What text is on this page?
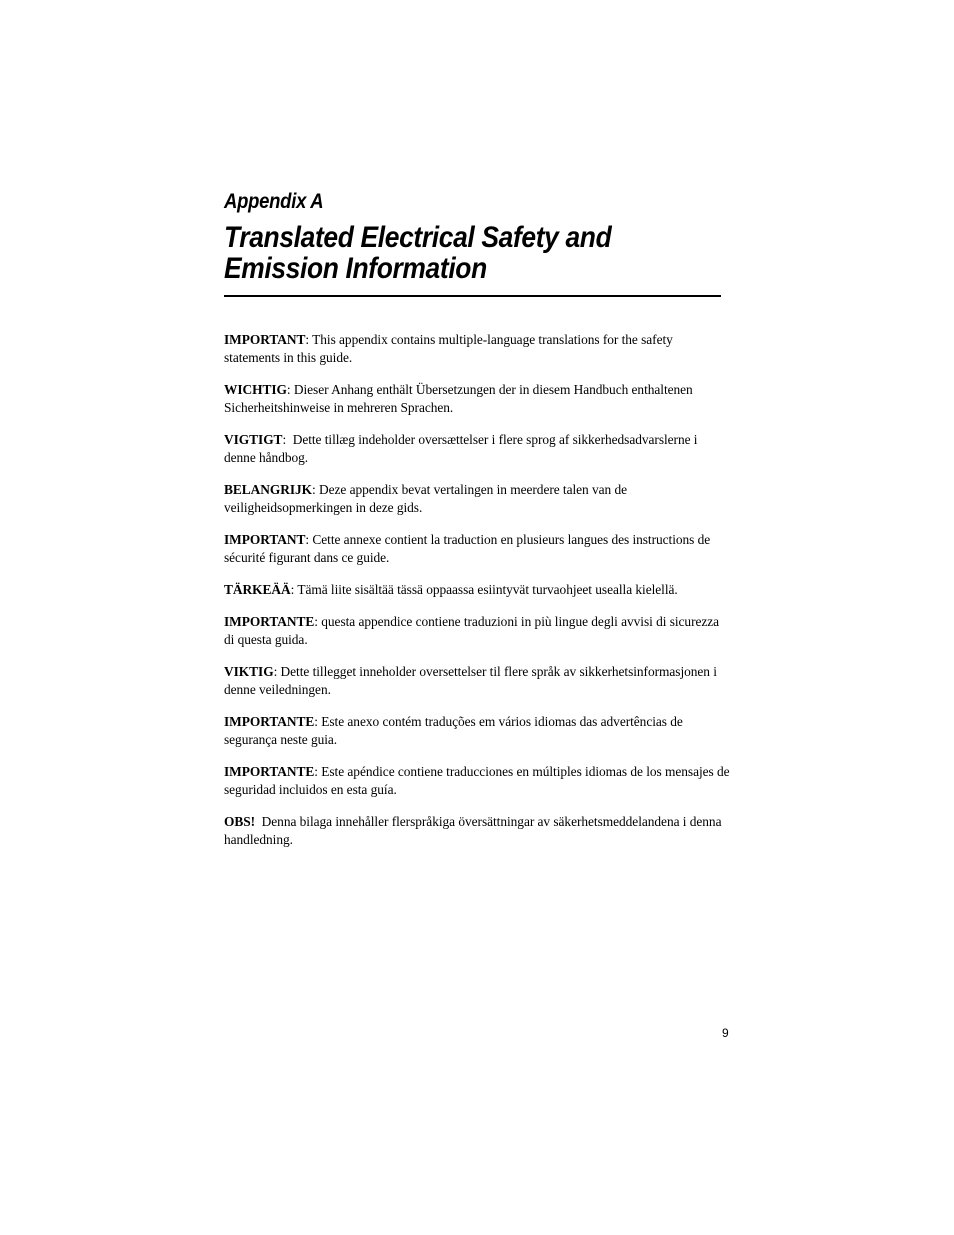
Appendix A
Translated Electrical Safety and Emission Information

IMPORTANT: This appendix contains multiple-language translations for the safety statements in this guide.

WICHTIG: Dieser Anhang enthält Übersetzungen der in diesem Handbuch enthaltenen Sicherheitshinweise in mehreren Sprachen.

VIGTIGT:  Dette tillæg indeholder oversættelser i flere sprog af sikkerhedsadvarslerne i denne håndbog.

BELANGRIJK: Deze appendix bevat vertalingen in meerdere talen van de veiligheidsopmerkingen in deze gids.

IMPORTANT: Cette annexe contient la traduction en plusieurs langues des instructions de sécurité figurant dans ce guide.

TÄRKEÄÄ: Tämä liite sisältää tässä oppaassa esiintyvät turvaohjeet usealla kielellä.

IMPORTANTE: questa appendice contiene traduzioni in più lingue degli avvisi di sicurezza di questa guida.

VIKTIG: Dette tillegget inneholder oversettelser til flere språk av sikkerhetsinformasjonen i denne veiledningen.

IMPORTANTE: Este anexo contém traduções em vários idiomas das advertências de segurança neste guia.

IMPORTANTE: Este apéndice contiene traducciones en múltiples idiomas de los mensajes de seguridad incluidos en esta guía.

OBS!  Denna bilaga innehåller flerspråkiga översättningar av säkerhetsmeddelandena i denna handledning.

9
